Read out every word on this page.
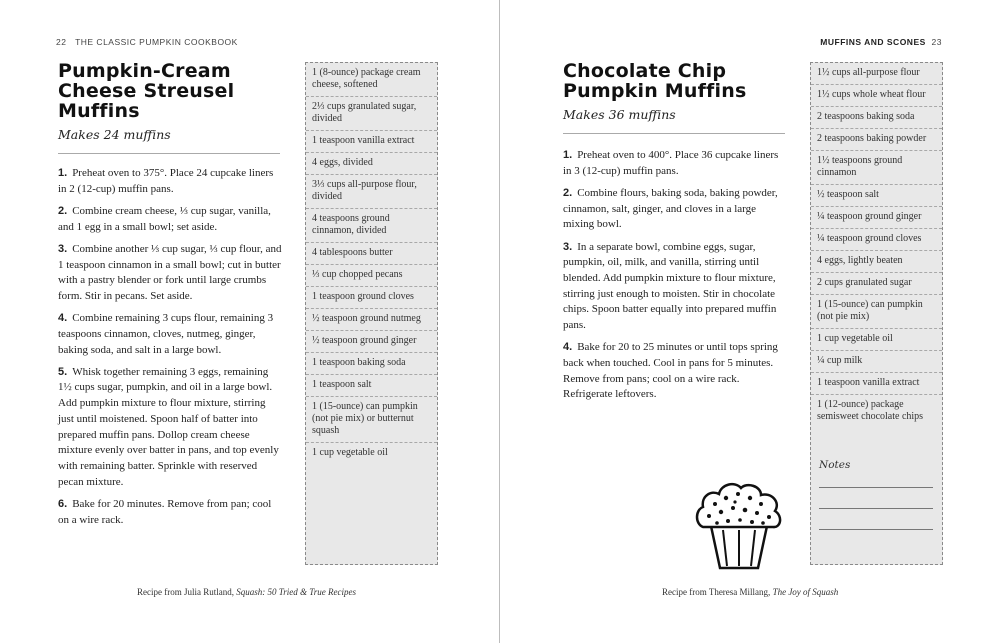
22 THE CLASSIC PUMPKIN COOKBOOK
Pumpkin-Cream
Cheese Streusel
Muffins
Makes 24 muffins
1. Preheat oven to 375°. Place 24 cupcake liners in 2 (12-cup) muffin pans.
2. Combine cream cheese, ⅓ cup sugar, vanilla, and 1 egg in a small bowl; set aside.
3. Combine another ⅓ cup sugar, ⅓ cup flour, and 1 teaspoon cinnamon in a small bowl; cut in butter with a pastry blender or fork until large crumbs form. Stir in pecans. Set aside.
4. Combine remaining 3 cups flour, remaining 3 teaspoons cinnamon, cloves, nutmeg, ginger, baking soda, and salt in a large bowl.
5. Whisk together remaining 3 eggs, remaining 1½ cups sugar, pumpkin, and oil in a large bowl. Add pumpkin mixture to flour mixture, stirring just until moistened. Spoon half of batter into prepared muffin pans. Dollop cream cheese mixture evenly over batter in pans, and top evenly with remaining batter. Sprinkle with reserved pecan mixture.
6. Bake for 20 minutes. Remove from pan; cool on a wire rack.
1 (8-ounce) package cream cheese, softened
2⅓ cups granulated sugar, divided
1 teaspoon vanilla extract
4 eggs, divided
3⅓ cups all-purpose flour, divided
4 teaspoons ground cinnamon, divided
4 tablespoons butter
⅓ cup chopped pecans
1 teaspoon ground cloves
½ teaspoon ground nutmeg
½ teaspoon ground ginger
1 teaspoon baking soda
1 teaspoon salt
1 (15-ounce) can pumpkin (not pie mix) or butternut squash
1 cup vegetable oil
Recipe from Julia Rutland, Squash: 50 Tried & True Recipes
MUFFINS AND SCONES 23
Chocolate Chip
Pumpkin Muffins
Makes 36 muffins
1. Preheat oven to 400°. Place 36 cupcake liners in 3 (12-cup) muffin pans.
2. Combine flours, baking soda, baking powder, cinnamon, salt, ginger, and cloves in a large mixing bowl.
3. In a separate bowl, combine eggs, sugar, pumpkin, oil, milk, and vanilla, stirring until blended. Add pumpkin mixture to flour mixture, stirring just enough to moisten. Stir in chocolate chips. Spoon batter equally into prepared muffin pans.
4. Bake for 20 to 25 minutes or until tops spring back when touched. Cool in pans for 5 minutes. Remove from pans; cool on a wire rack. Refrigerate leftovers.
1½ cups all-purpose flour
1½ cups whole wheat flour
2 teaspoons baking soda
2 teaspoons baking powder
1½ teaspoons ground cinnamon
½ teaspoon salt
¼ teaspoon ground ginger
¼ teaspoon ground cloves
4 eggs, lightly beaten
2 cups granulated sugar
1 (15-ounce) can pumpkin (not pie mix)
1 cup vegetable oil
¼ cup milk
1 teaspoon vanilla extract
1 (12-ounce) package semisweet chocolate chips
Notes
Recipe from Theresa Millang, The Joy of Squash
